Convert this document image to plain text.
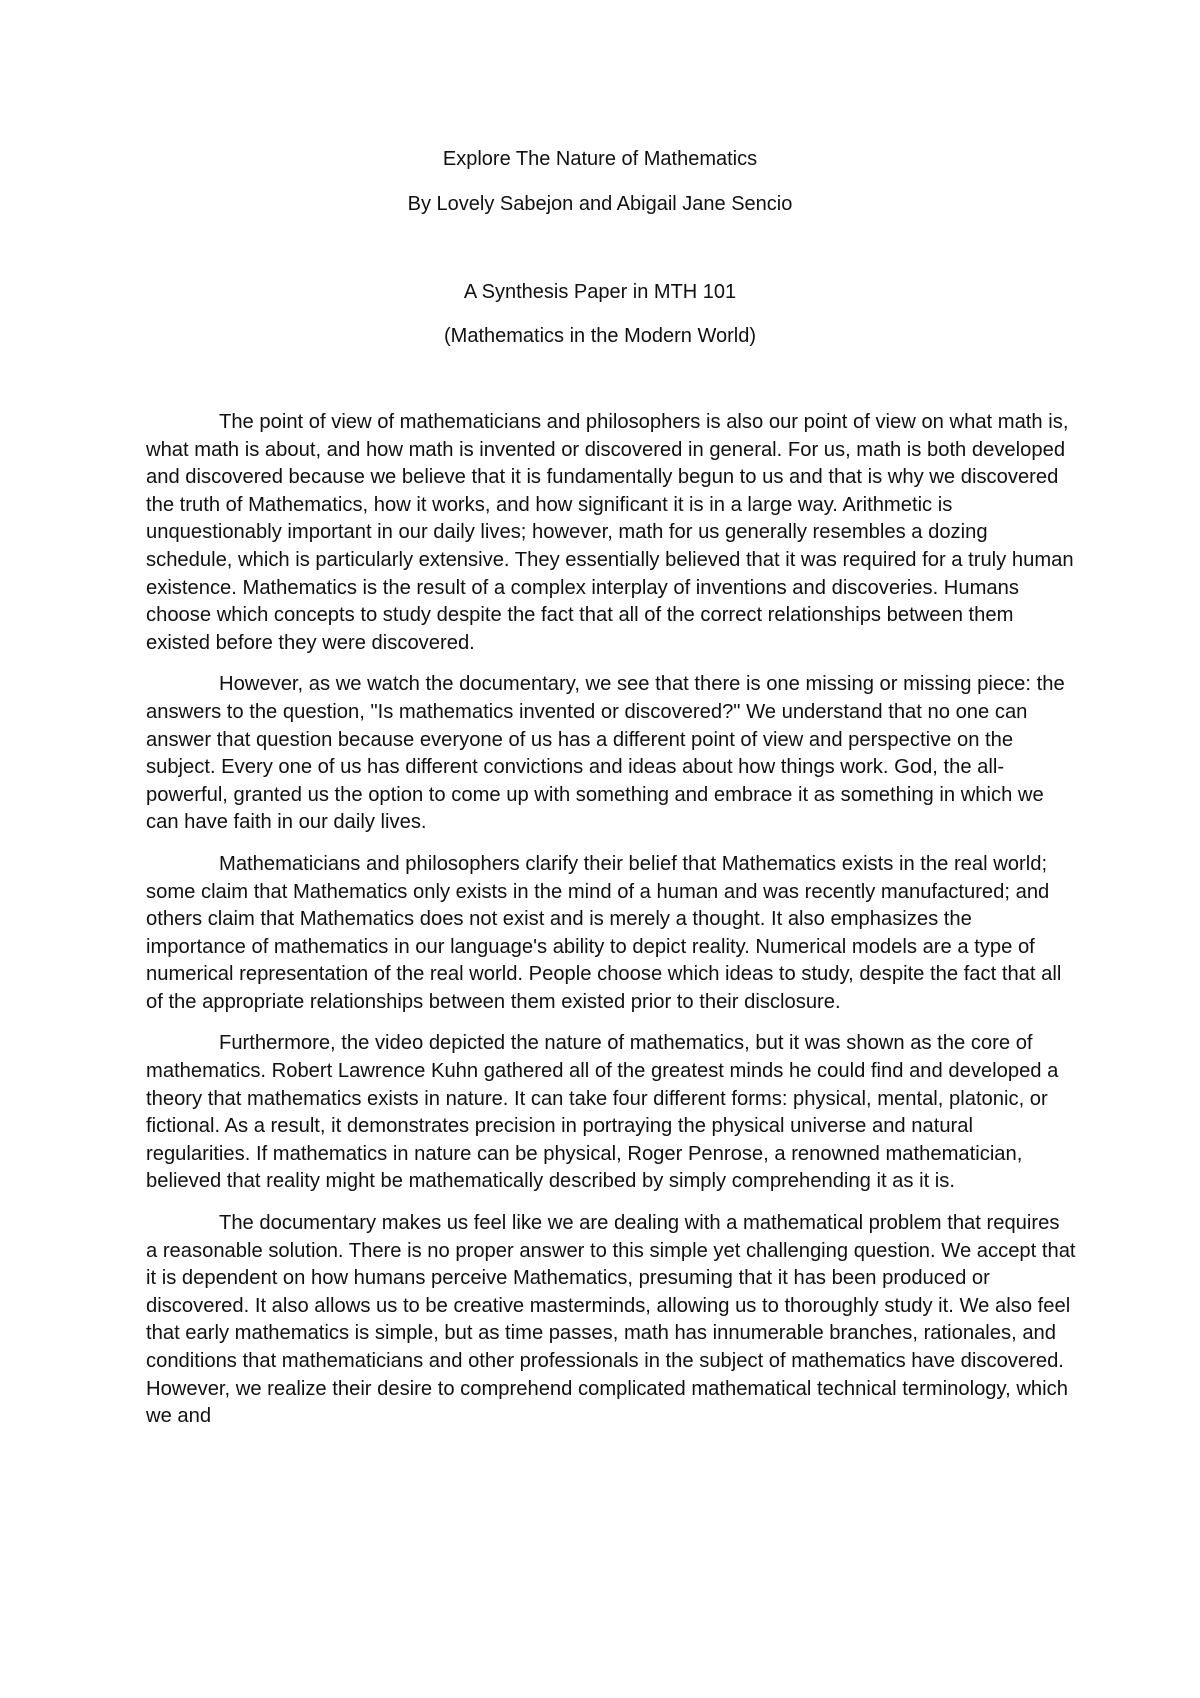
Explore The Nature of Mathematics
By Lovely Sabejon and Abigail Jane Sencio
A Synthesis Paper in MTH 101
(Mathematics in the Modern World)

The point of view of mathematicians and philosophers is also our point of view on what math is, what math is about, and how math is invented or discovered in general. For us, math is both developed and discovered because we believe that it is fundamentally begun to us and that is why we discovered the truth of Mathematics, how it works, and how significant it is in a large way. Arithmetic is unquestionably important in our daily lives; however, math for us generally resembles a dozing schedule, which is particularly extensive. They essentially believed that it was required for a truly human existence. Mathematics is the result of a complex interplay of inventions and discoveries. Humans choose which concepts to study despite the fact that all of the correct relationships between them existed before they were discovered.

However, as we watch the documentary, we see that there is one missing or missing piece: the answers to the question, "Is mathematics invented or discovered?" We understand that no one can answer that question because everyone of us has a different point of view and perspective on the subject. Every one of us has different convictions and ideas about how things work. God, the all-powerful, granted us the option to come up with something and embrace it as something in which we can have faith in our daily lives.

Mathematicians and philosophers clarify their belief that Mathematics exists in the real world; some claim that Mathematics only exists in the mind of a human and was recently manufactured; and others claim that Mathematics does not exist and is merely a thought. It also emphasizes the importance of mathematics in our language's ability to depict reality. Numerical models are a type of numerical representation of the real world. People choose which ideas to study, despite the fact that all of the appropriate relationships between them existed prior to their disclosure.

Furthermore, the video depicted the nature of mathematics, but it was shown as the core of mathematics. Robert Lawrence Kuhn gathered all of the greatest minds he could find and developed a theory that mathematics exists in nature. It can take four different forms: physical, mental, platonic, or fictional. As a result, it demonstrates precision in portraying the physical universe and natural regularities. If mathematics in nature can be physical, Roger Penrose, a renowned mathematician, believed that reality might be mathematically described by simply comprehending it as it is.

The documentary makes us feel like we are dealing with a mathematical problem that requires a reasonable solution. There is no proper answer to this simple yet challenging question. We accept that it is dependent on how humans perceive Mathematics, presuming that it has been produced or discovered. It also allows us to be creative masterminds, allowing us to thoroughly study it. We also feel that early mathematics is simple, but as time passes, math has innumerable branches, rationales, and conditions that mathematicians and other professionals in the subject of mathematics have discovered. However, we realize their desire to comprehend complicated mathematical technical terminology, which we and
